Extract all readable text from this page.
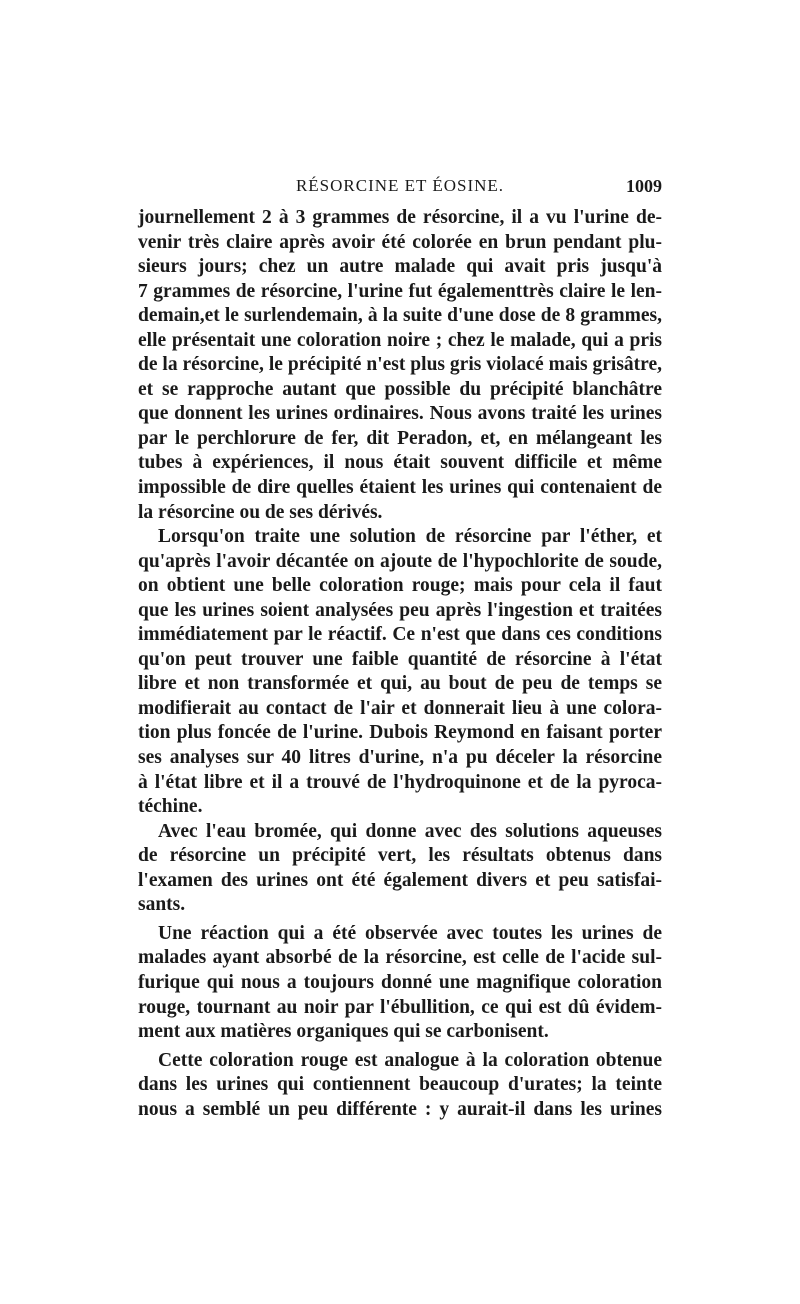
RÉSORCINE ET ÉOSINE.	1009
journellement 2 à 3 grammes de résorcine, il a vu l'urine de-
venir très claire après avoir été colorée en brun pendant plu-
sieurs jours; chez un autre malade qui avait pris jusqu'à
7 grammes de résorcine, l'urine fut égalementtrès claire le len-
demain,et le surlendemain, à la suite d'une dose de 8 grammes,
elle présentait une coloration noire ; chez le malade, qui a pris
de la résorcine, le précipité n'est plus gris violacé mais grisâtre,
et se rapproche autant que possible du précipité blanchâtre
que donnent les urines ordinaires. Nous avons traité les urines
par le perchlorure de fer, dit Peradon, et, en mélangeant les
tubes à expériences, il nous était souvent difficile et même
impossible de dire quelles étaient les urines qui contenaient de
la résorcine ou de ses dérivés.
Lorsqu'on traite une solution de résorcine par l'éther, et
qu'après l'avoir décantée on ajoute de l'hypochlorite de soude,
on obtient une belle coloration rouge; mais pour cela il faut
que les urines soient analysées peu après l'ingestion et traitées
immédiatement par le réactif. Ce n'est que dans ces conditions
qu'on peut trouver une faible quantité de résorcine à l'état
libre et non transformée et qui, au bout de peu de temps se
modifierait au contact de l'air et donnerait lieu à une colora-
tion plus foncée de l'urine. Dubois Reymond en faisant porter
ses analyses sur 40 litres d'urine, n'a pu déceler la résorcine
à l'état libre et il a trouvé de l'hydroquinone et de la pyroca-
téchine.
Avec l'eau bromée, qui donne avec des solutions aqueuses
de résorcine un précipité vert, les résultats obtenus dans
l'examen des urines ont été également divers et peu satisfai-
sants.
Une réaction qui a été observée avec toutes les urines de
malades ayant absorbé de la résorcine, est celle de l'acide sul-
furique qui nous a toujours donné une magnifique coloration
rouge, tournant au noir par l'ébullition, ce qui est dû évidem-
ment aux matières organiques qui se carbonisent.
Cette coloration rouge est analogue à la coloration obtenue
dans les urines qui contiennent beaucoup d'urates; la teinte
nous a semblé un peu différente : y aurait-il dans les urines
